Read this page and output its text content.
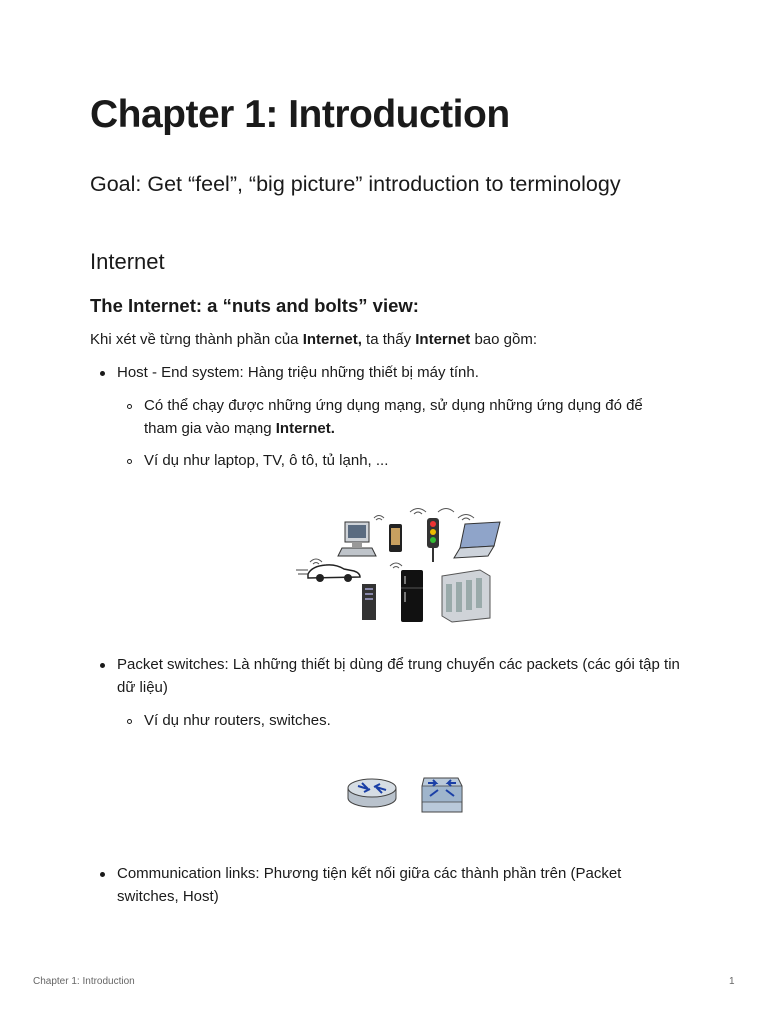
Chapter 1: Introduction
Goal: Get “feel”, “big picture” introduction to terminology
Internet
The Internet: a “nuts and bolts” view:

Khi xét về từng thành phần của Internet, ta thấy Internet bao gồm:

Host - End system: Hàng triệu những thiết bị máy tính.

Có thể chạy được những ứng dụng mạng, sử dụng những ứng dụng đó để tham gia vào mạng Internet.

Ví dụ như laptop, TV, ô tô, tủ lạnh, ...

Packet switches: Là những thiết bị dùng để trung chuyển các packets (các gói tập tin dữ liệu)

Ví dụ như routers, switches.

Communication links: Phương tiện kết nối giữa các thành phần trên (Packet switches, Host)

Chapter 1: Introduction	1
